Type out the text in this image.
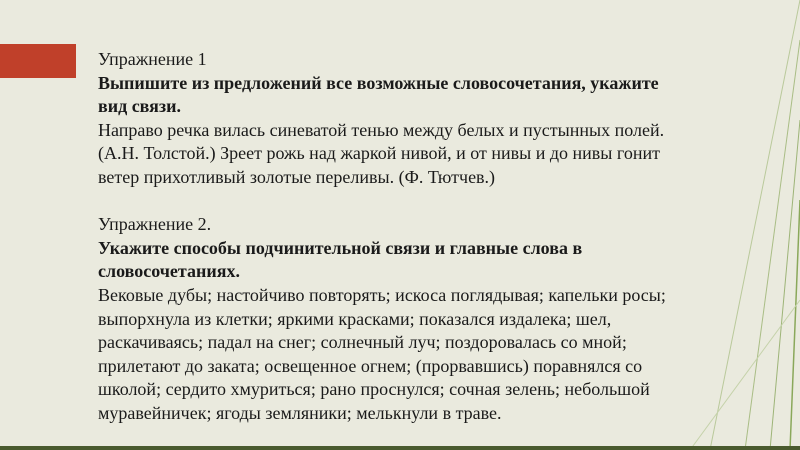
Упражнение 1

Выпишите из предложений все возможные словосочетания, укажите

вид связи.

Направо речка вилась синеватой тенью между белых и пустынных полей.

(А.Н. Толстой.) Зреет рожь над жаркой нивой, и от нивы и до нивы гонит

ветер прихотливый золотые переливы. (Ф. Тютчев.)

Упражнение 2.

Укажите способы подчинительной связи и главные слова в

словосочетаниях.

Вековые дубы; настойчиво повторять; искоса поглядывая; капельки росы;

выпорхнула из клетки; яркими красками; показался издалека; шел,

раскачиваясь; падал на снег; солнечный луч; поздоровалась со мной;

прилетают до заката; освещенное огнем; (прорвавшись) поравнялся со

школой; сердито хмуриться; рано проснулся; сочная зелень; небольшой

муравейничек; ягоды земляники; мелькнули в траве.
